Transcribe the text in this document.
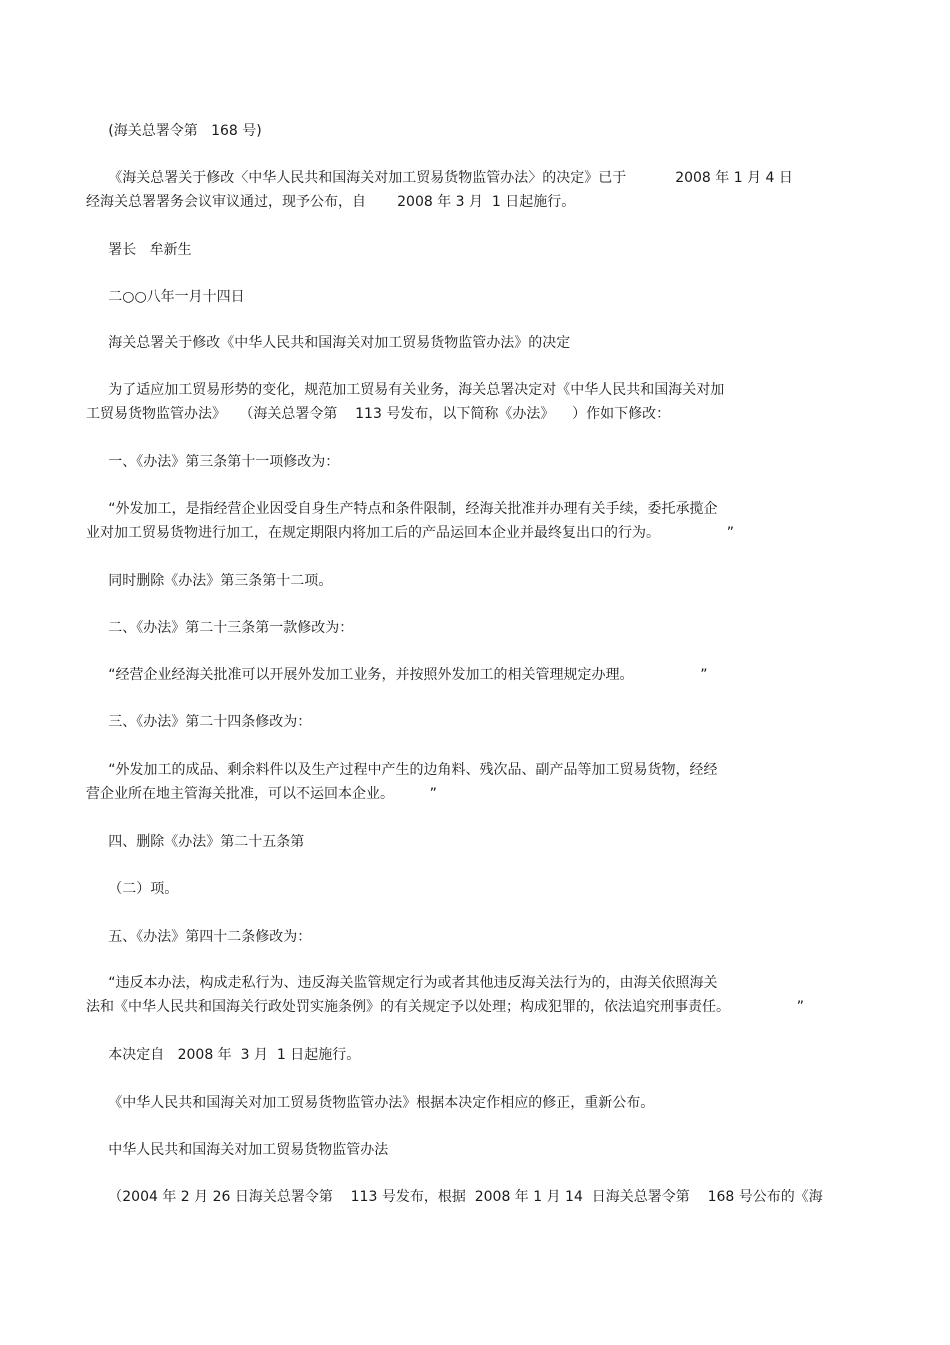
(海关总署令第   168 号)

《海关总署关于修改〈中华人民共和国海关对加工贸易货物监管办法〉的决定》已于           2008 年 1 月 4 日
经海关总署署务会议审议通过，现予公布，自       2008 年 3 月  1 日起施行。

署长   牟新生

二○○八年一月十四日

海关总署关于修改《中华人民共和国海关对加工贸易货物监管办法》的决定

为了适应加工贸易形势的变化，规范加工贸易有关业务，海关总署决定对《中华人民共和国海关对加
工贸易货物监管办法》   （海关总署令第    113 号发布，以下简称《办法》    ）作如下修改：

一、《办法》第三条第十一项修改为：

“外发加工，是指经营企业因受自身生产特点和条件限制，经海关批准并办理有关手续，委托承揽企
业对加工贸易货物进行加工，在规定期限内将加工后的产品运回本企业并最终复出口的行为。               ”

同时删除《办法》第三条第十二项。

二、《办法》第二十三条第一款修改为：

“经营企业经海关批准可以开展外发加工业务，并按照外发加工的相关管理规定办理。               ”

三、《办法》第二十四条修改为：

“外发加工的成品、剩余料件以及生产过程中产生的边角料、残次品、副产品等加工贸易货物，经经
营企业所在地主管海关批准，可以不运回本企业。        ”

四、删除《办法》第二十五条第

（二）项。

五、《办法》第四十二条修改为：

“违反本办法，构成走私行为、违反海关监管规定行为或者其他违反海关法行为的，由海关依照海关
法和《中华人民共和国海关行政处罚实施条例》的有关规定予以处理；构成犯罪的，依法追究刑事责任。               ”

本决定自   2008 年  3 月  1 日起施行。

《中华人民共和国海关对加工贸易货物监管办法》根据本决定作相应的修正，重新公布。

中华人民共和国海关对加工贸易货物监管办法

（2004 年 2 月 26 日海关总署令第    113 号发布，根据  2008 年 1 月 14  日海关总署令第    168 号公布的《海
